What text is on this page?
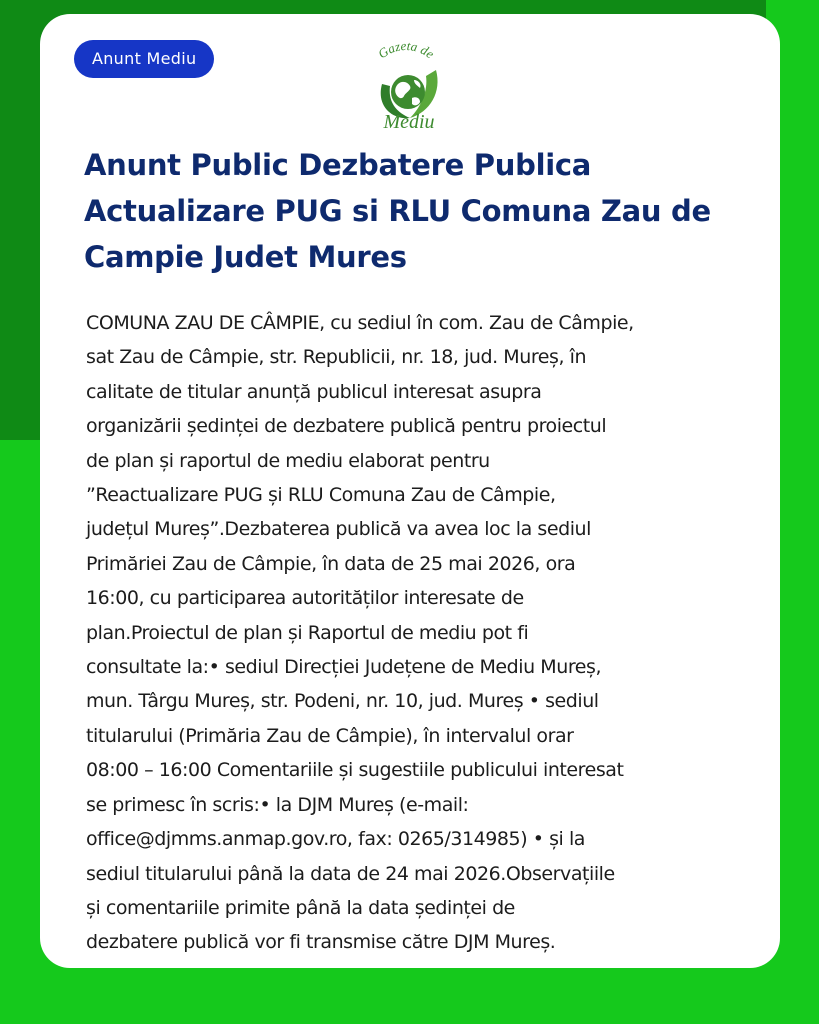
Anunt Mediu	Gazeta de
Mediu
Anunt Public Dezbatere Publica Actualizare PUG si RLU Comuna Zau de Campie Judet Mures

COMUNA ZAU DE CÂMPIE, cu sediul în com. Zau de Câmpie,
sat Zau de Câmpie, str. Republicii, nr. 18, jud. Mureș, în
calitate de titular anunță publicul interesat asupra
organizării ședinței de dezbatere publică pentru proiectul
de plan și raportul de mediu elaborat pentru
”Reactualizare PUG și RLU Comuna Zau de Câmpie,
județul Mureș”.Dezbaterea publică va avea loc la sediul
Primăriei Zau de Câmpie, în data de 25 mai 2026, ora
16:00, cu participarea autorităților interesate de
plan.Proiectul de plan și Raportul de mediu pot fi
consultate la:• sediul Direcției Județene de Mediu Mureș,
mun. Târgu Mureș, str. Podeni, nr. 10, jud. Mureș • sediul
titularului (Primăria Zau de Câmpie), în intervalul orar
08:00 – 16:00 Comentariile și sugestiile publicului interesat
se primesc în scris:• la DJM Mureș (e-mail:
office@djmms.anmap.gov.ro, fax: 0265/314985) • și la
sediul titularului până la data de 24 mai 2026.Observațiile
și comentariile primite până la data ședinței de
dezbatere publică vor fi transmise către DJM Mureș.
